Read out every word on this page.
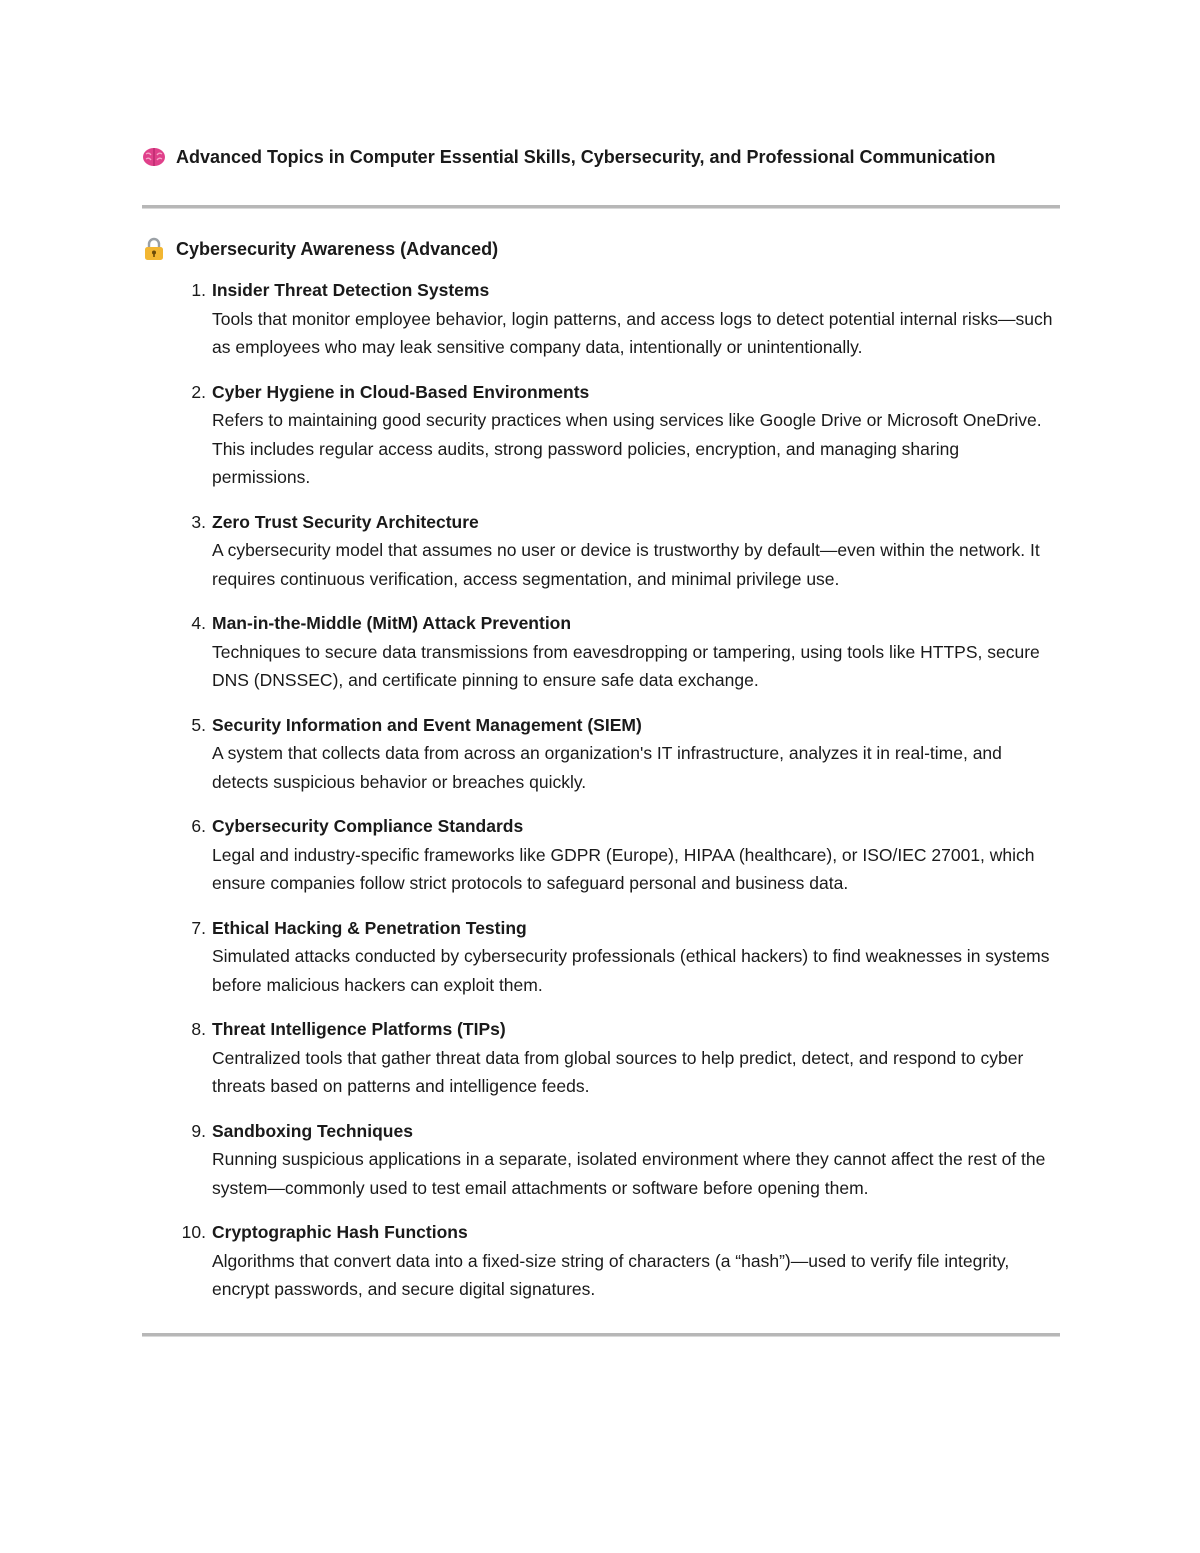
Advanced Topics in Computer Essential Skills, Cybersecurity, and Professional Communication
Cybersecurity Awareness (Advanced)
1. Insider Threat Detection Systems
Tools that monitor employee behavior, login patterns, and access logs to detect potential internal risks—such as employees who may leak sensitive company data, intentionally or unintentionally.
2. Cyber Hygiene in Cloud-Based Environments
Refers to maintaining good security practices when using services like Google Drive or Microsoft OneDrive. This includes regular access audits, strong password policies, encryption, and managing sharing permissions.
3. Zero Trust Security Architecture
A cybersecurity model that assumes no user or device is trustworthy by default—even within the network. It requires continuous verification, access segmentation, and minimal privilege use.
4. Man-in-the-Middle (MitM) Attack Prevention
Techniques to secure data transmissions from eavesdropping or tampering, using tools like HTTPS, secure DNS (DNSSEC), and certificate pinning to ensure safe data exchange.
5. Security Information and Event Management (SIEM)
A system that collects data from across an organization's IT infrastructure, analyzes it in real-time, and detects suspicious behavior or breaches quickly.
6. Cybersecurity Compliance Standards
Legal and industry-specific frameworks like GDPR (Europe), HIPAA (healthcare), or ISO/IEC 27001, which ensure companies follow strict protocols to safeguard personal and business data.
7. Ethical Hacking & Penetration Testing
Simulated attacks conducted by cybersecurity professionals (ethical hackers) to find weaknesses in systems before malicious hackers can exploit them.
8. Threat Intelligence Platforms (TIPs)
Centralized tools that gather threat data from global sources to help predict, detect, and respond to cyber threats based on patterns and intelligence feeds.
9. Sandboxing Techniques
Running suspicious applications in a separate, isolated environment where they cannot affect the rest of the system—commonly used to test email attachments or software before opening them.
10. Cryptographic Hash Functions
Algorithms that convert data into a fixed-size string of characters (a “hash”)—used to verify file integrity, encrypt passwords, and secure digital signatures.
